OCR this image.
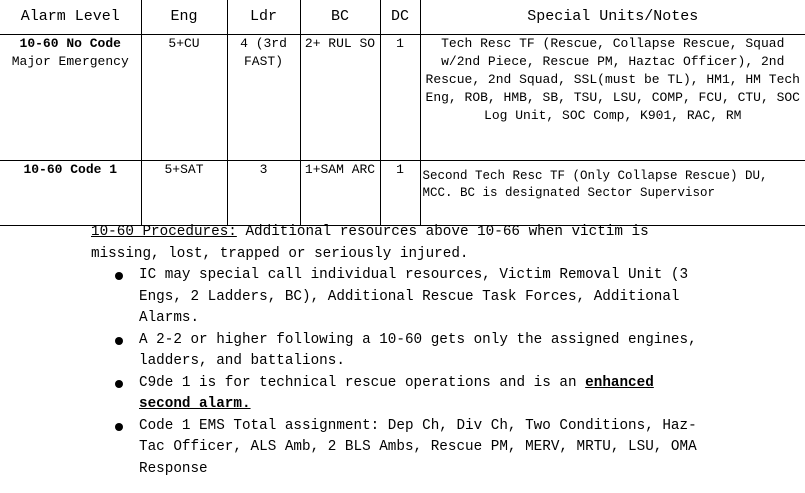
Alarm Level	Eng	Ldr	BC	DC	Special Units/Notes
10-60 No Code
Major Emergency	5+CU	4 (3rd FAST)	2+ RUL SO	1	Tech Resc TF (Rescue, Collapse Rescue, Squad w/2nd Piece, Rescue PM, Haztac Officer), 2nd Rescue, 2nd Squad, SSL(must be TL), HM1, HM Tech Eng, ROB, HMB, SB, TSU, LSU, COMP, FCU, CTU, SOC Log Unit, SOC Comp, K901, RAC, RM
10-60 Code 1	5+SAT	3	1+SAM ARC	1	Second Tech Resc TF (Only Collapse Rescue) DU, MCC. BC is designated Sector Supervisor
10-60 Procedures: Additional resources above 10-66 when victim is missing, lost, trapped or seriously injured.
IC may special call individual resources, Victim Removal Unit (3 Engs, 2 Ladders, BC), Additional Rescue Task Forces, Additional Alarms.
A 2-2 or higher following a 10-60 gets only the assigned engines, ladders, and battalions.
C9de 1 is for technical rescue operations and is an enhanced second alarm.
Code 1 EMS Total assignment: Dep Ch, Div Ch, Two Conditions, Haz-Tac Officer, ALS Amb, 2 BLS Ambs, Rescue PM, MERV, MRTU, LSU, OMA Response
